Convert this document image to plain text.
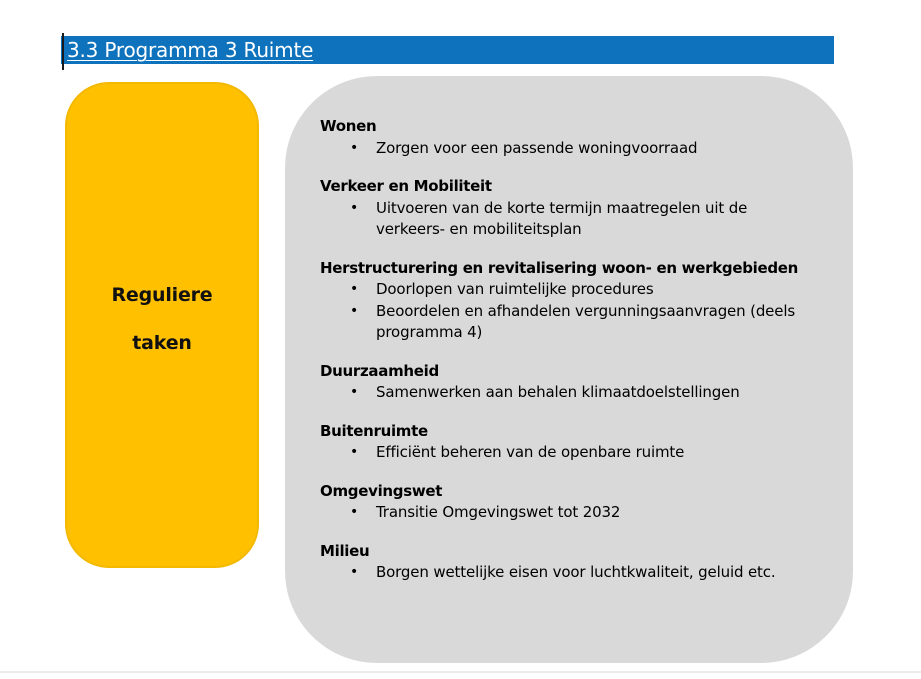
3.3 Programma 3 Ruimte
Reguliere
taken
Wonen
•	Zorgen voor een passende woningvoorraad
Verkeer en Mobiliteit
•	Uitvoeren van de korte termijn maatregelen uit de verkeers- en mobiliteitsplan
Herstructurering en revitalisering woon- en werkgebieden
•	Doorlopen van ruimtelijke procedures
•	Beoordelen en afhandelen vergunningsaanvragen (deels programma 4)
Duurzaamheid
•	Samenwerken aan behalen klimaatdoelstellingen
Buitenruimte
•	Efficiënt beheren van de openbare ruimte
Omgevingswet
•	Transitie Omgevingswet tot 2032
Milieu
•	Borgen wettelijke eisen voor luchtkwaliteit, geluid etc.
